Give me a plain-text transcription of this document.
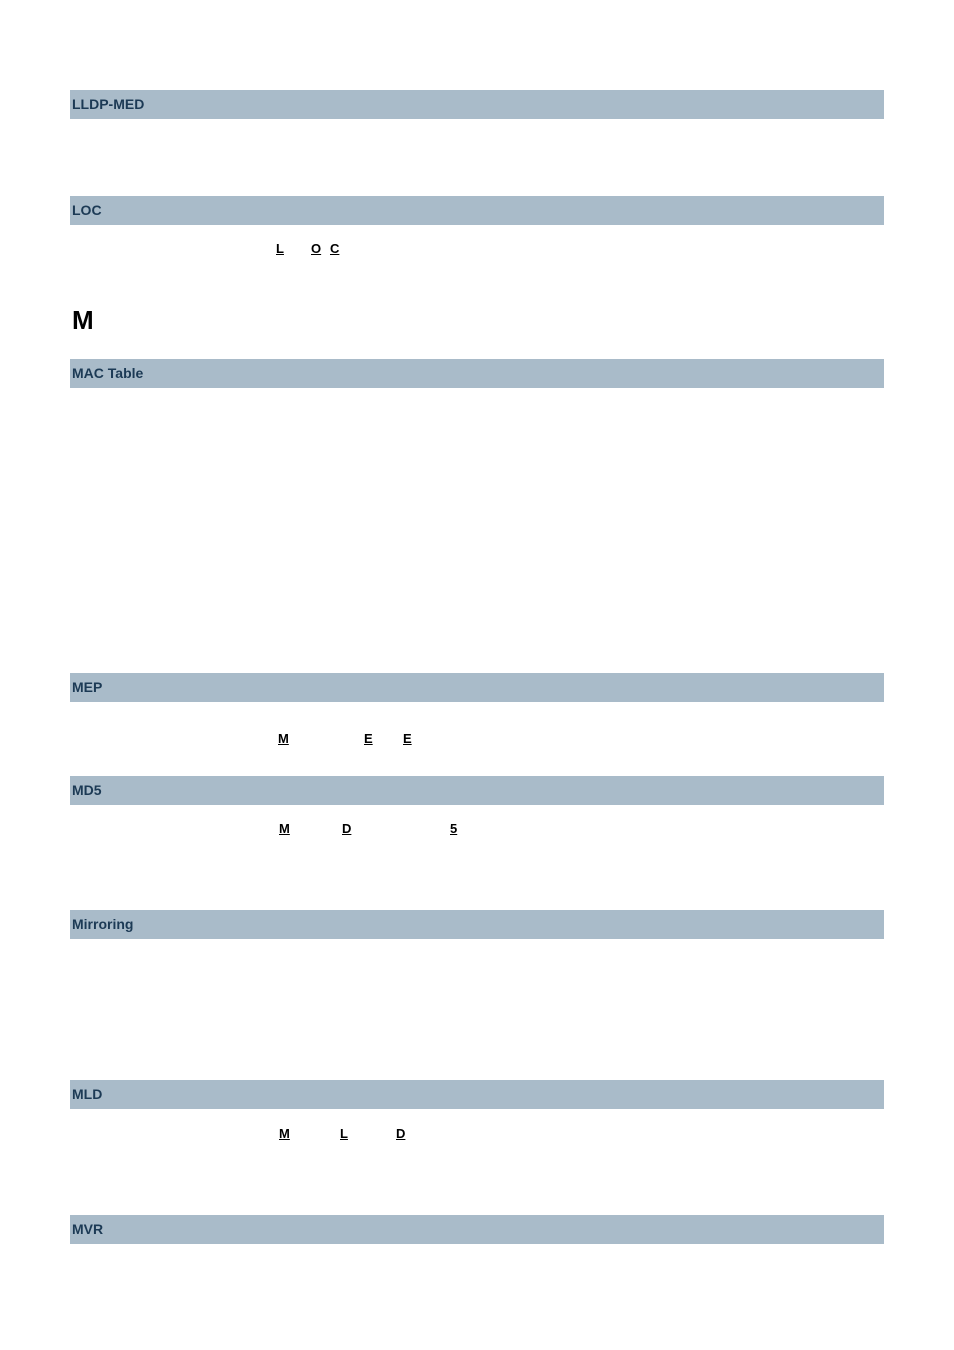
LLDP-MED
LOC
L O C
M
MAC Table
MEP
M	E E
MD5
M	D	5
Mirroring
MLD
M	L	D
MVR
